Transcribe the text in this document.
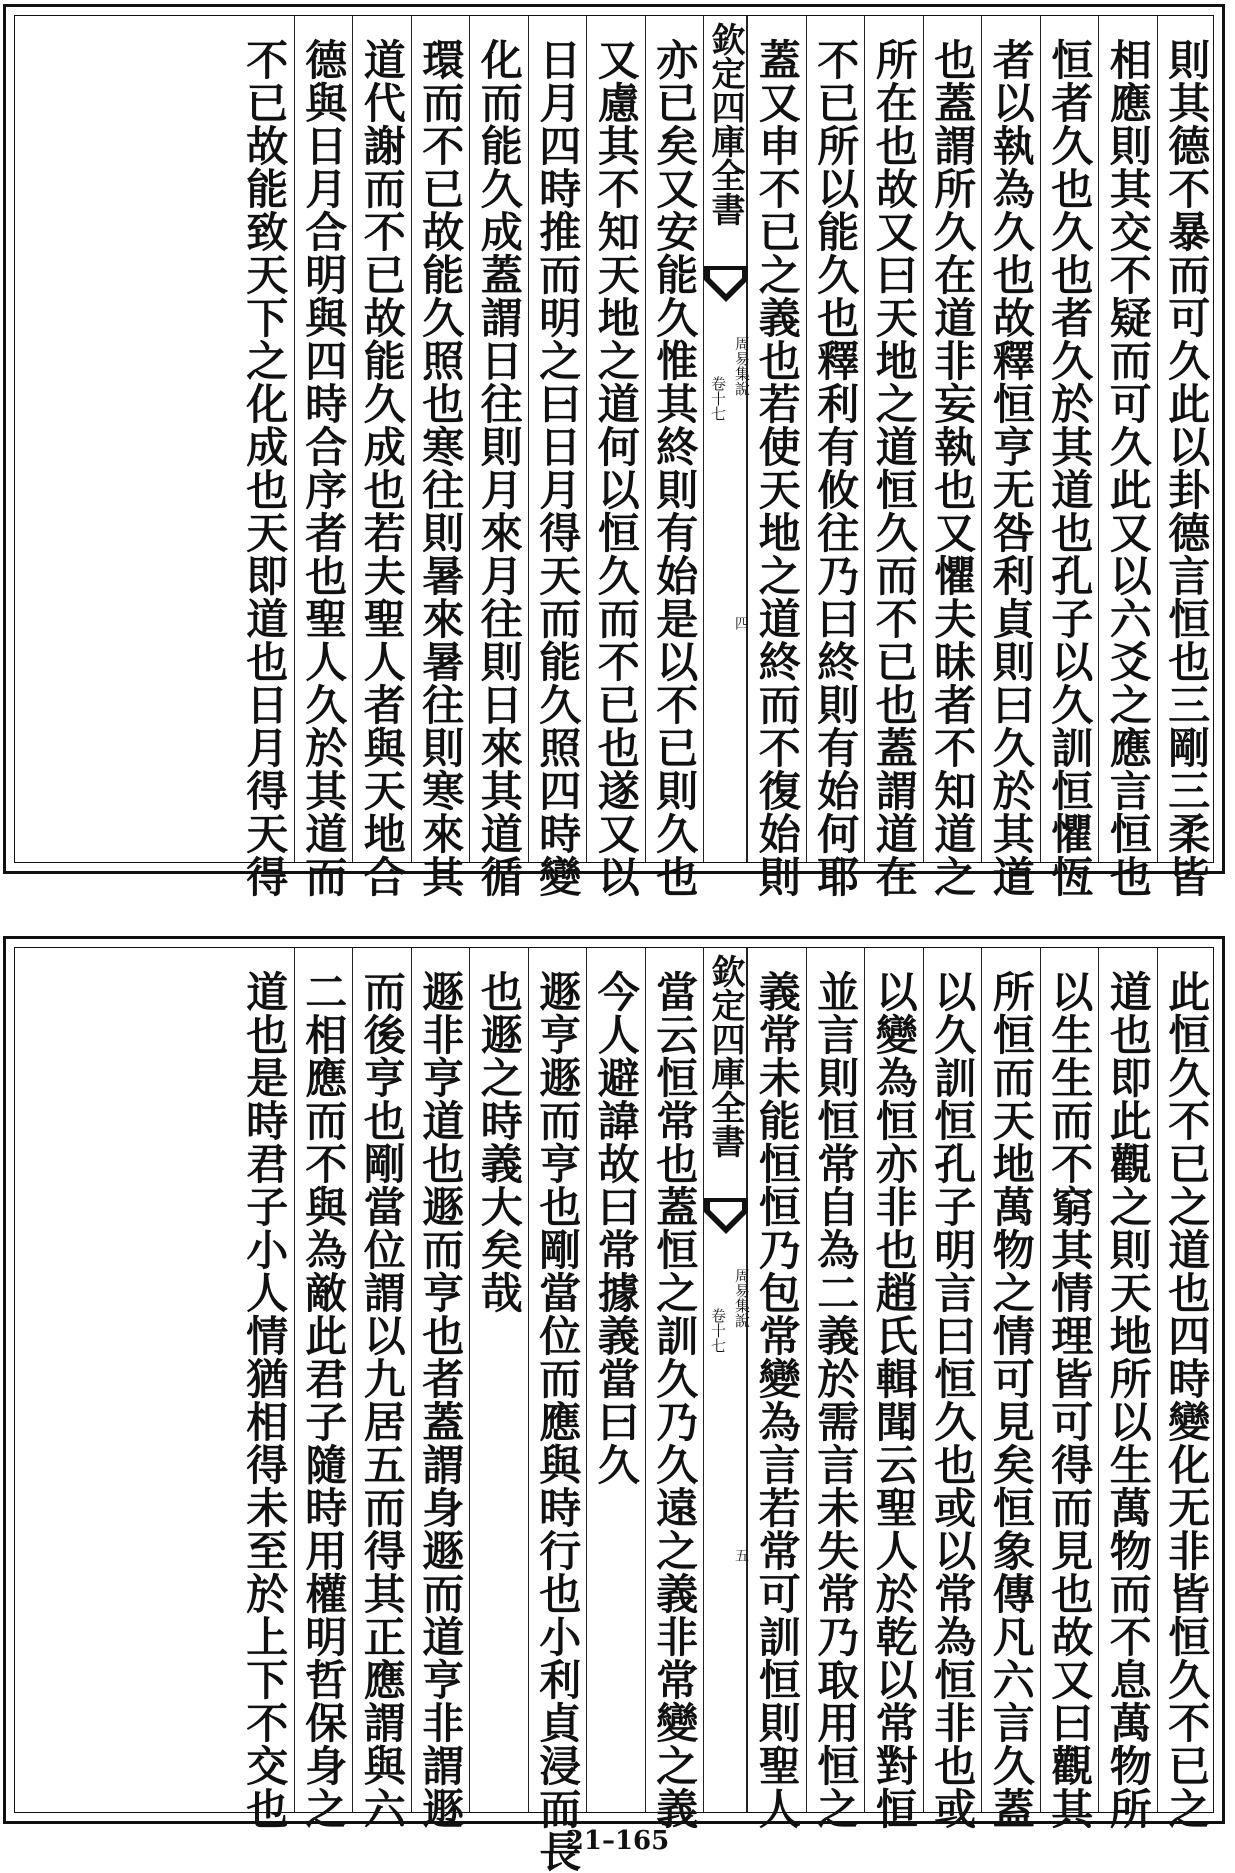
則其德不暴而可久此以卦德言恒也三剛三柔皆
相應則其交不疑而可久此又以六爻之應言恒也
恒者久也久也者久於其道也孔子以久訓恒懼恆
者以執為久也故釋恒亨无咎利貞則曰久於其道
也蓋謂所久在道非妄執也又懼夫昧者不知道之
所在也故又曰天地之道恒久而不已也蓋謂道在
不已所以能久也釋利有攸往乃曰終則有始何耶
蓋又申不已之義也若使天地之道終而不復始則
欽定四庫全書
周易集說
卷十七
四
亦已矣又安能久惟其終則有始是以不已則久也
又慮其不知天地之道何以恒久而不已也遂又以
日月四時推而明之曰日月得天而能久照四時變
化而能久成蓋謂日往則月來月往則日來其道循
環而不已故能久照也寒往則暑來暑往則寒來其
道代謝而不已故能久成也若夫聖人者與天地合
德與日月合明與四時合序者也聖人久於其道而
不已故能致天下之化成也天即道也日月得天得
此恒久不已之道也四時變化无非皆恒久不已之
道也即此觀之則天地所以生萬物而不息萬物所
以生生而不窮其情理皆可得而見也故又曰觀其
所恒而天地萬物之情可見矣恒象傳凡六言久蓋
以久訓恒孔子明言曰恒久也或以常為恒非也或
以變為恒亦非也趙氏輯聞云聖人於乾以常對恒
並言則恒常自為二義於需言未失常乃取用恒之
義常未能恒恒乃包常變為言若常可訓恒則聖人
欽定四庫全書
周易集說
卷十七
五
當云恒常也蓋恒之訓久乃久遠之義非常變之義
今人避諱故曰常據義當曰久
遯亨遯而亨也剛當位而應與時行也小利貞浸而長
也遯之時義大矣哉
遯非亨道也遯而亨也者蓋謂身遯而道亨非謂遯
而後亨也剛當位謂以九居五而得其正應謂與六
二相應而不與為敵此君子隨時用權明哲保身之
道也是時君子小人情猶相得未至於上下不交也
21–165
